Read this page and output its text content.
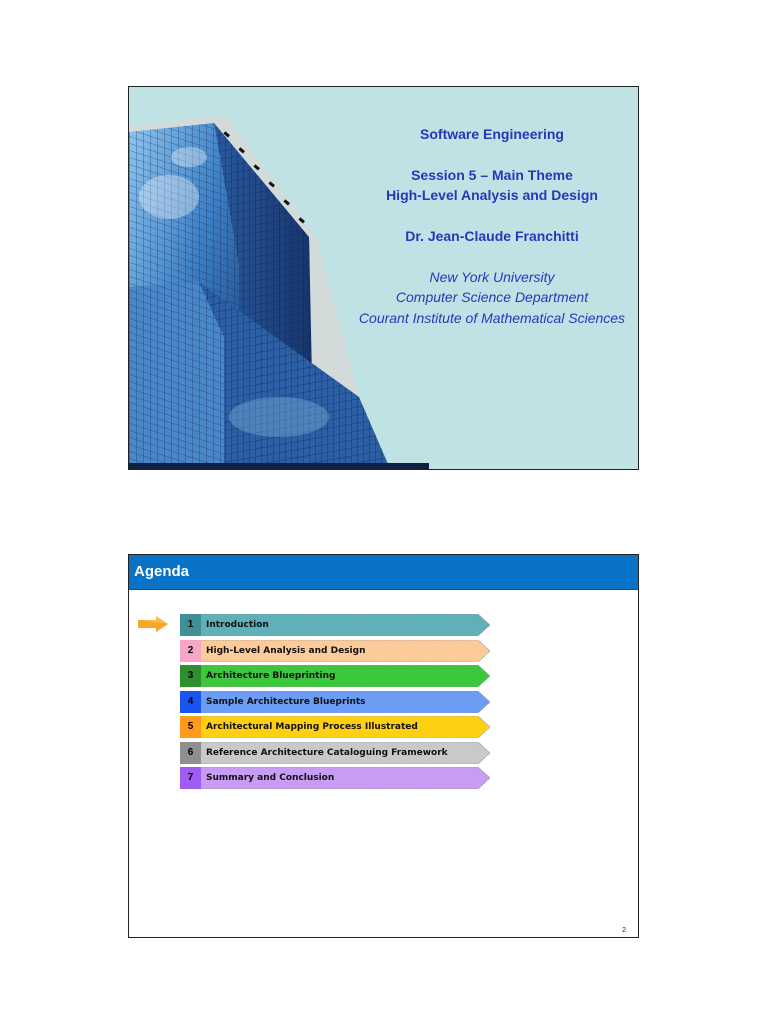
Software Engineering
Session 5 – Main Theme
High-Level Analysis and Design
Dr. Jean-Claude Franchitti
New York University
Computer Science Department
Courant Institute of Mathematical Sciences
Agenda
1	Introduction
2	High-Level Analysis and Design
3	Architecture Blueprinting
4	Sample Architecture Blueprints
5	Architectural Mapping Process Illustrated
6	Reference Architecture Cataloguing Framework
7	Summary and Conclusion
2
